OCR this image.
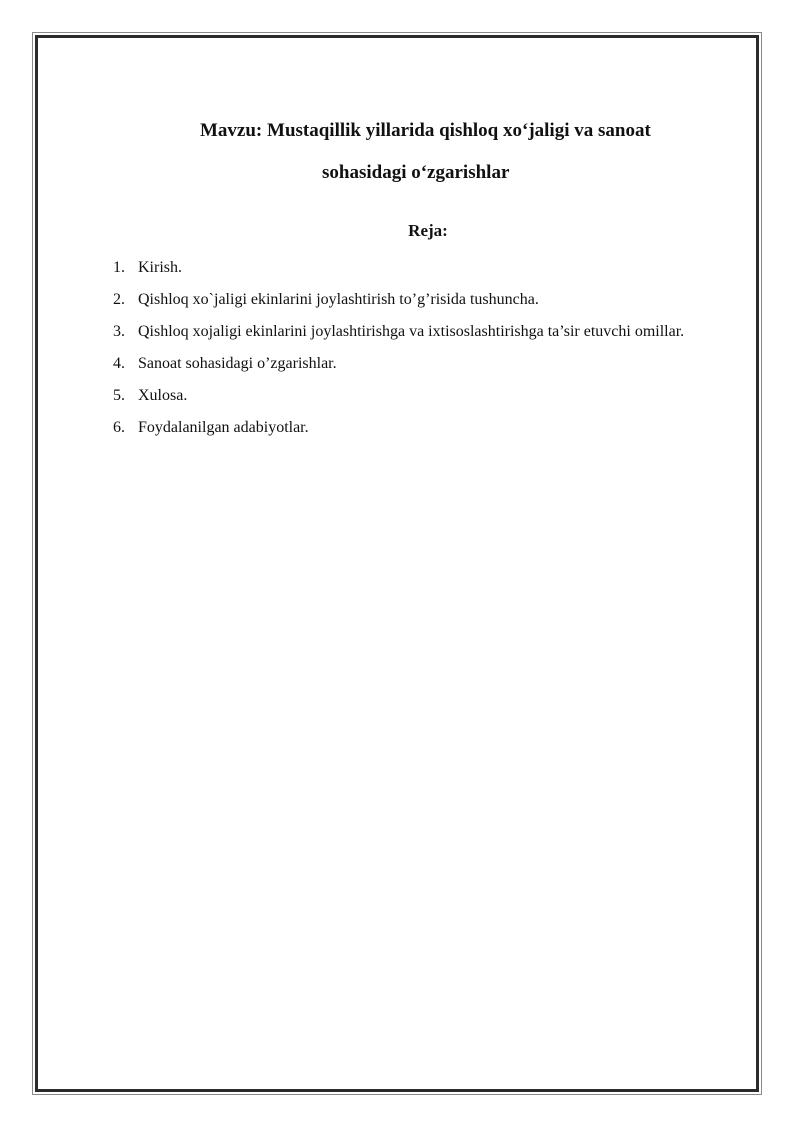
Mavzu: Mustaqillik yillarida qishloq xo‘jaligi va sanoat
sohasidagi o‘zgarishlar
Reja:
1. Kirish.
2. Qishloq xo`jaligi ekinlarini joylashtirish to’g’risida tushuncha.
3. Qishloq xojaligi ekinlarini joylashtirishga va ixtisoslashtirishga ta’sir etuvchi omillar.
4. Sanoat sohasidagi o’zgarishlar.
5. Xulosa.
6. Foydalanilgan adabiyotlar.
